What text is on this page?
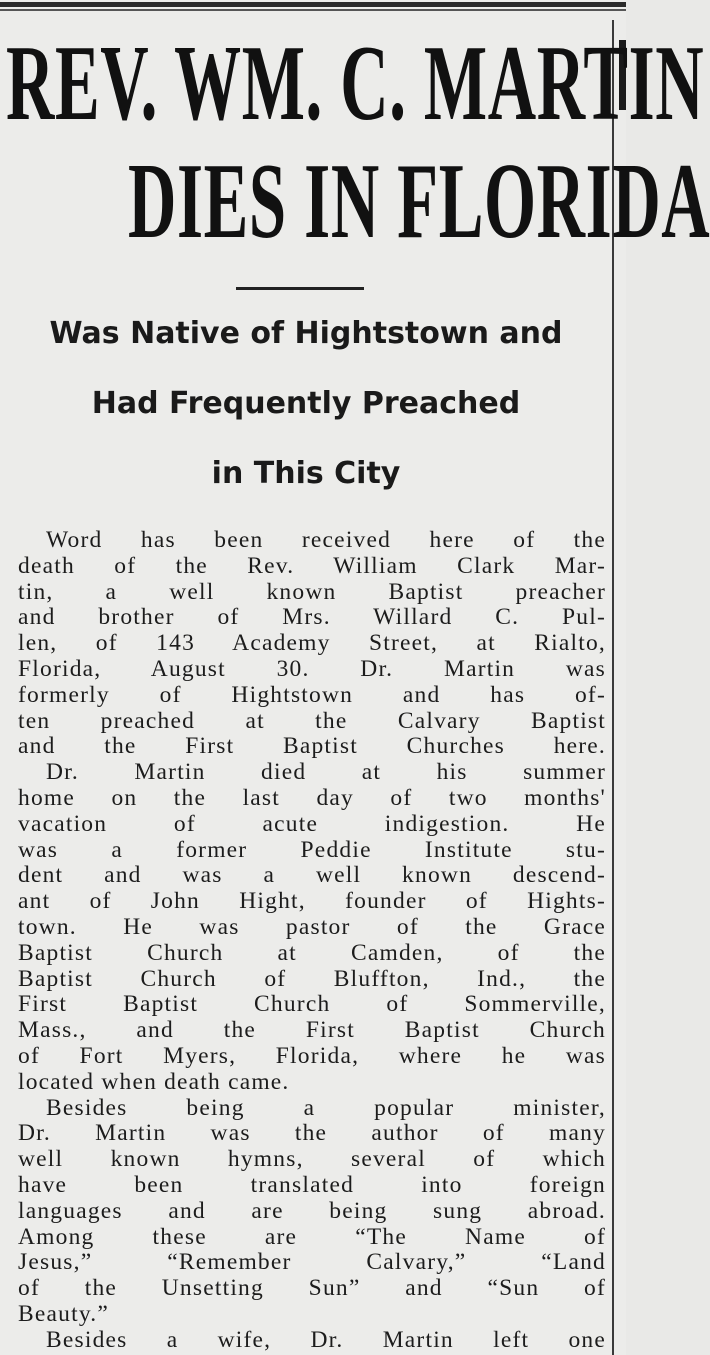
REV. WM. C. MARTIN
DIES IN FLORIDA
Was Native of Hightstown and
Had Frequently Preached
in This City

Word has been received here of the
death of the Rev. William Clark Mar-
tin, a well known Baptist preacher
and brother of Mrs. Willard C. Pul-
len, of 143 Academy Street, at Rialto,
Florida, August 30. Dr. Martin was
formerly of Hightstown and has of-
ten preached at the Calvary Baptist
and the First Baptist Churches here.

Dr. Martin died at his summer
home on the last day of two months'
vacation of acute indigestion. He
was a former Peddie Institute stu-
dent and was a well known descend-
ant of John Hight, founder of Hights-
town. He was pastor of the Grace
Baptist Church at Camden, of the
Baptist Church of Bluffton, Ind., the
First Baptist Church of Sommerville,
Mass., and the First Baptist Church
of Fort Myers, Florida, where he was
located when death came.

Besides being a popular minister,
Dr. Martin was the author of many
well known hymns, several of which
have been translated into foreign
languages and are being sung abroad.
Among these are “The Name of
Jesus,” “Remember Calvary,” “Land
of the Unsetting Sun” and “Sun of
Beauty.”

Besides a wife, Dr. Martin left one
